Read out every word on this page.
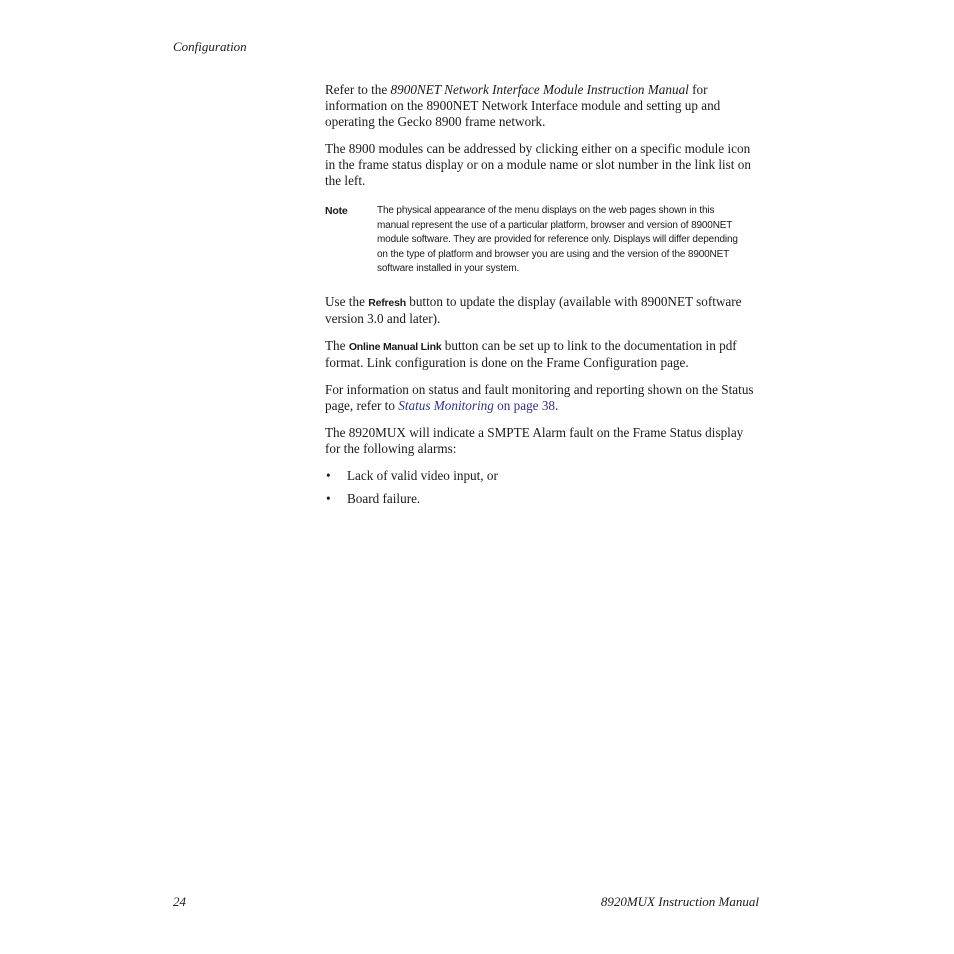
Configuration

Refer to the 8900NET Network Interface Module Instruction Manual for information on the 8900NET Network Interface module and setting up and operating the Gecko 8900 frame network.

The 8900 modules can be addressed by clicking either on a specific module icon in the frame status display or on a module name or slot number in the link list on the left.

Note	The physical appearance of the menu displays on the web pages shown in this manual represent the use of a particular platform, browser and version of 8900NET module software. They are provided for reference only. Displays will differ depending on the type of platform and browser you are using and the version of the 8900NET software installed in your system.

Use the Refresh button to update the display (available with 8900NET software version 3.0 and later).

The Online Manual Link button can be set up to link to the documentation in pdf format. Link configuration is done on the Frame Configuration page.

For information on status and fault monitoring and reporting shown on the Status page, refer to Status Monitoring on page 38.

The 8920MUX will indicate a SMPTE Alarm fault on the Frame Status display for the following alarms:

• Lack of valid video input, or
• Board failure.
24	8920MUX Instruction Manual
